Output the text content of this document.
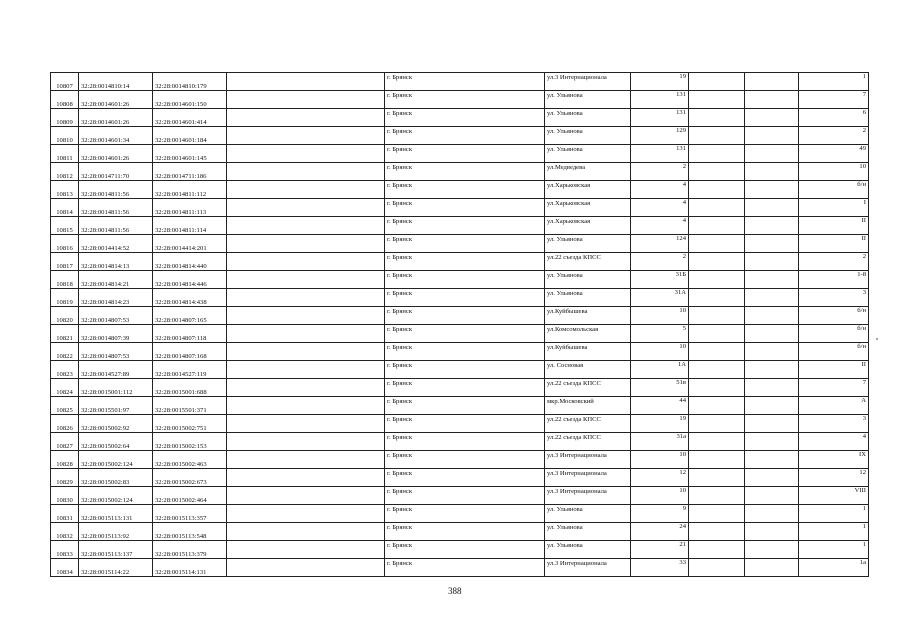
10807	32:28:0014810:14	32:28:0014810:179		г. Брянск	ул.3 Интернационала	19			1
10808	32:28:0014601:26	32:28:0014601:150		г. Брянск	ул. Ульянова	131			7
10809	32:28:0014601:26	32:28:0014601:414		г. Брянск	ул. Ульянова	131			6
10810	32:28:0014601:34	32:28:0014601:184		г. Брянск	ул. Ульянова	129			2
10811	32:28:0014601:26	32:28:0014601:145		г. Брянск	ул. Ульянова	131			49
10812	32:28:0014711:70	32:28:0014711:186		г. Брянск	ул.Медведева	2			10
10813	32:28:0014811:56	32:28:0014811:112		г. Брянск	ул.Харьковская	4			б/н
10814	32:28:0014811:56	32:28:0014811:113		г. Брянск	ул.Харьковская	4			I
10815	32:28:0014811:56	32:28:0014811:114		г. Брянск	ул.Харьковская	4			II
10816	32:28:0014414:52	32:28:0014414:201		г. Брянск	ул. Ульянова	124			II
10817	32:28:0014814:13	32:28:0014814:440		г. Брянск	ул.22 съезда КПСС	2			2
10818	32:28:0014814:21	32:28:0014814:446		г. Брянск	ул. Ульянова	31Б			1-8
10819	32:28:0014814:23	32:28:0014814:438		г. Брянск	ул. Ульянова	31А			3
10820	32:28:0014807:53	32:28:0014807:165		г. Брянск	ул.Куйбышева	10			б/н
10821	32:28:0014807:39	32:28:0014807:118		г. Брянск	ул.Комсомольская	5			б/н
10822	32:28:0014807:53	32:28:0014807:168		г. Брянск	ул.Куйбышева	10			б/н
10823	32:28:0014527:89	32:28:0014527:119		г. Брянск	ул. Сосновая	1А			II
10824	32:28:0015001:112	32:28:0015001:688		г. Брянск	ул.22 съезда КПСС	51в			7
10825	32:28:0015501:97	32:28:0015501:371		г. Брянск	мкр.Московский	44			А
10826	32:28:0015002:92	32:28:0015002:751		г. Брянск	ул.22 съезда КПСС	19			3
10827	32:28:0015002:64	32:28:0015002:153		г. Брянск	ул.22 съезда КПСС	31а			4
10828	32:28:0015002:124	32:28:0015002:463		г. Брянск	ул.3 Интернационала	10			IX
10829	32:28:0015002:83	32:28:0015002:673		г. Брянск	ул.3 Интернационала	12			12
10830	32:28:0015002:124	32:28:0015002:464		г. Брянск	ул.3 Интернационала	10			VIII
10831	32:28:0015113:131	32:28:0015113:357		г. Брянск	ул. Ульянова	9			1
10832	32:28:0015113:92	32:28:0015113:548		г. Брянск	ул. Ульянова	24			1
10833	32:28:0015113:137	32:28:0015113:379		г. Брянск	ул. Ульянова	21			1
10834	32:28:0015114:22	32:28:0015114:131		г. Брянск	ул.3 Интернационала	33			1а
388
